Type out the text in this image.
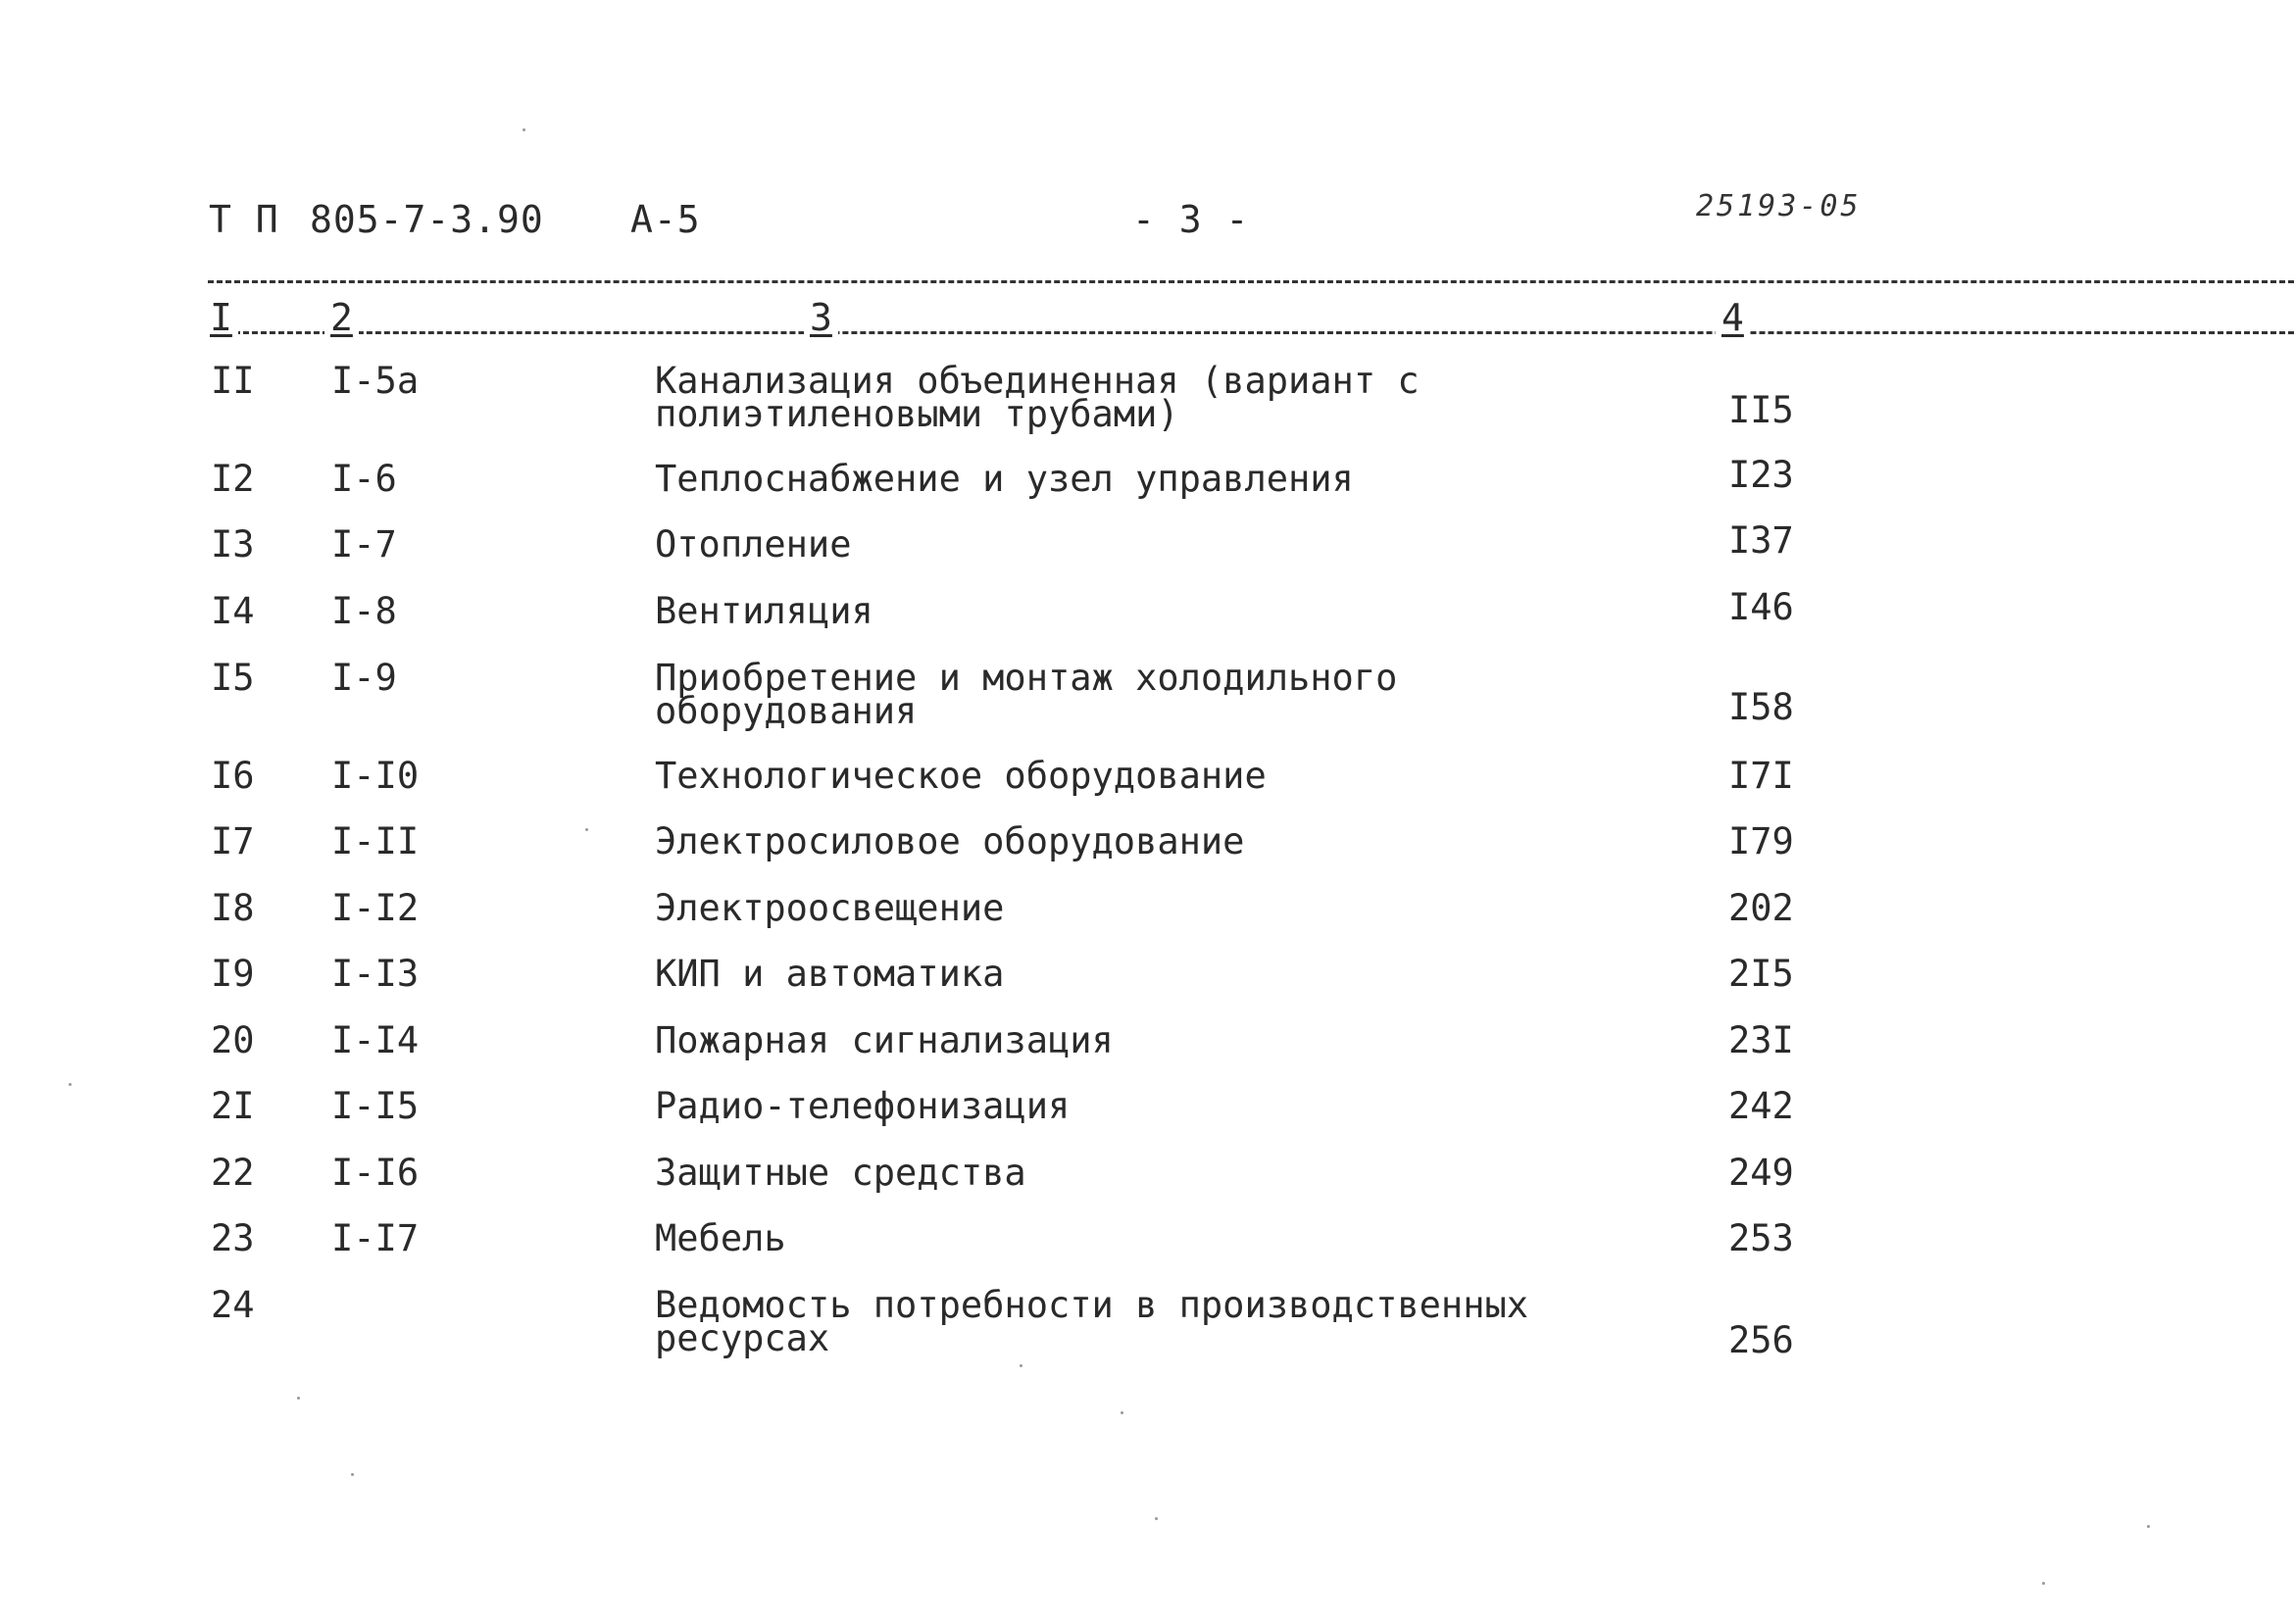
Т П 805-7-3.90 А-5	- 3 -	25193-05
I	2	3	4
II I-5а	Канализация объединенная (вариант с
полиэтиленовыми трубами)	II5
I2 I-6	Теплоснабжение и узел управления	I23
I3 I-7	Отопление	I37
I4 I-8	Вентиляция	I46
I5 I-9	Приобретение и монтаж холодильного
оборудования	I58
I6 I-I0	Технологическое оборудование	I7I
I7 I-II	Электросиловое оборудование	I79
I8 I-I2	Электроосвещение	202
I9 I-I3	КИП и автоматика	2I5
20 I-I4	Пожарная сигнализация	23I
2I I-I5	Радио-телефонизация	242
22 I-I6	Защитные средства	249
23 I-I7	Мебель	253
24	Ведомость потребности в производственных
ресурсах	256
